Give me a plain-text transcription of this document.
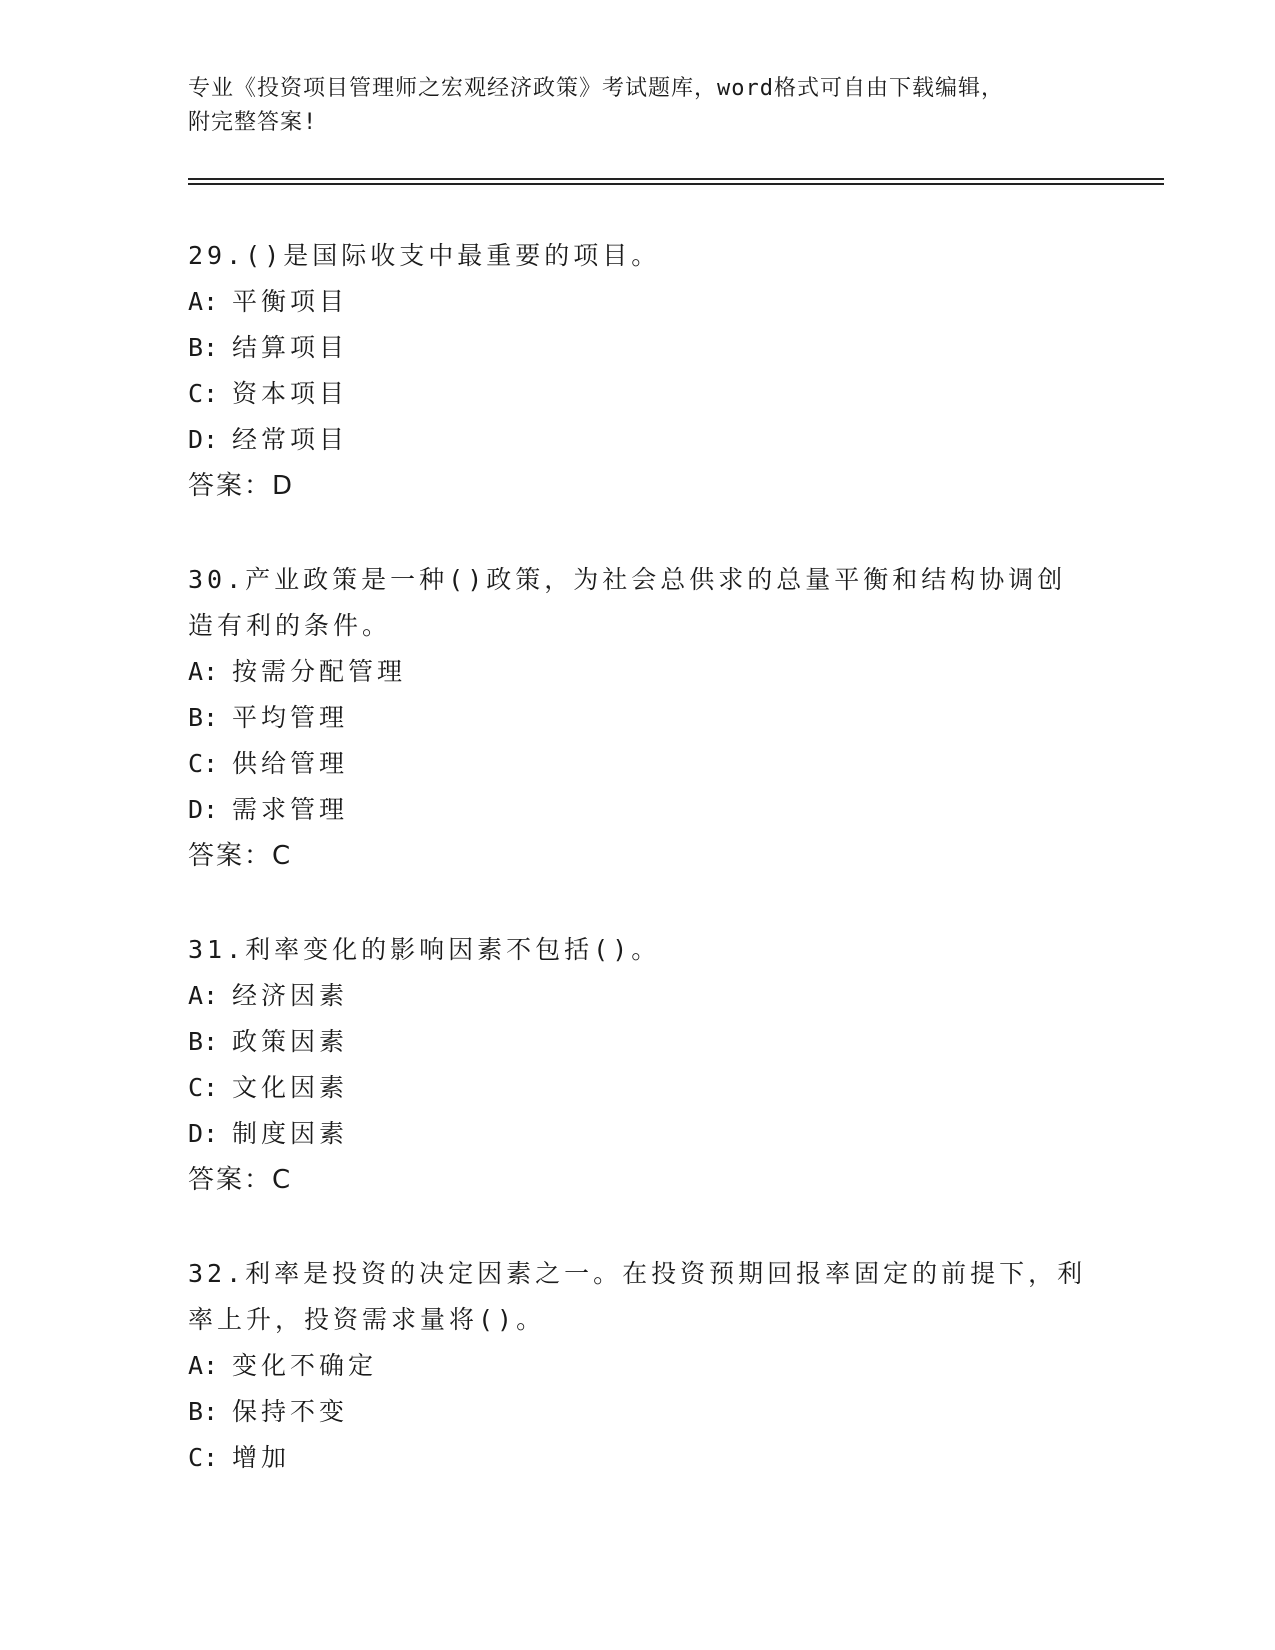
专业《投资项目管理师之宏观经济政策》考试题库，word格式可自由下载编辑，
附完整答案!

29.()是国际收支中最重要的项目。

A: 平衡项目

B: 结算项目

C: 资本项目

D: 经常项目

答案：D

30.产业政策是一种()政策，为社会总供求的总量平衡和结构协调创造有利的条件。

A: 按需分配管理

B: 平均管理

C: 供给管理

D: 需求管理

答案：C

31.利率变化的影响因素不包括()。

A: 经济因素

B: 政策因素

C: 文化因素

D: 制度因素

答案：C

32.利率是投资的决定因素之一。在投资预期回报率固定的前提下，利率上升，投资需求量将()。

A: 变化不确定

B: 保持不变

C: 增加
